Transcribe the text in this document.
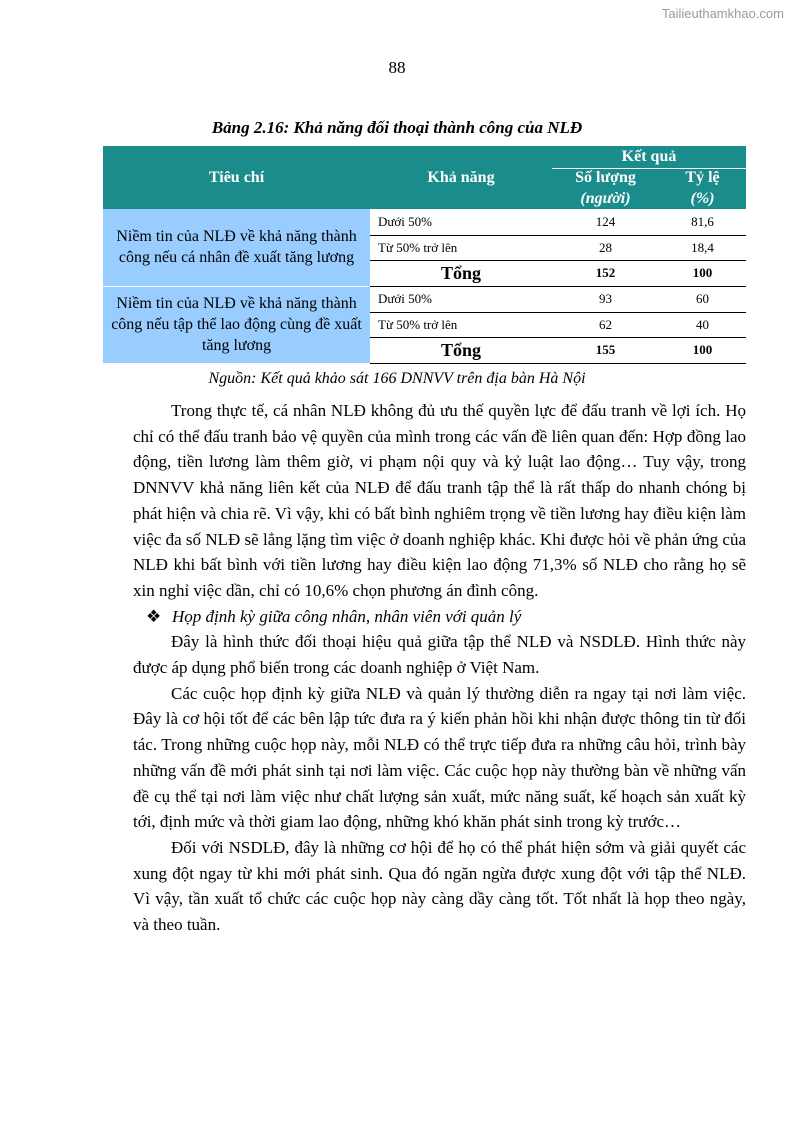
Tailieuthamkhao.com
88
Bảng 2.16: Khả năng đối thoại thành công của NLĐ
Tiêu chí	Khả năng	Kết quả	
		Số lượng	Tỷ lệ
		(người)	(%)
Niềm tin của NLĐ về khả năng thành công nếu cá nhân đề xuất tăng lương	Dưới 50%	124	81,6
	Từ 50% trở lên	28	18,4
	Tổng	152	100
Niềm tin của NLĐ về khả năng thành công nếu tập thể lao động cùng đề xuất tăng lương	Dưới 50%	93	60
	Từ 50% trở lên	62	40
	Tổng	155	100
Nguồn: Kết quả khảo sát 166 DNNVV trên địa bàn Hà Nội

Trong thực tế, cá nhân NLĐ không đủ ưu thế quyền lực để đấu tranh về lợi ích. Họ chỉ có thể đấu tranh bảo vệ quyền của mình trong các vấn đề liên quan đến: Hợp đồng lao động, tiền lương làm thêm giờ, vi phạm nội quy và kỷ luật lao động… Tuy vậy, trong DNNVV khả năng liên kết của NLĐ để đấu tranh tập thể là rất thấp do nhanh chóng bị phát hiện và chia rẽ. Vì vậy, khi có bất bình nghiêm trọng về tiền lương hay điều kiện làm việc đa số NLĐ sẽ lẳng lặng tìm việc ở doanh nghiệp khác. Khi được hỏi về phản ứng của NLĐ khi bất bình với tiền lương hay điều kiện lao động 71,3% số NLĐ cho rằng họ sẽ xin nghỉ việc dần, chỉ có 10,6% chọn phương án đình công.

❖ Họp định kỳ giữa công nhân, nhân viên với quản lý

Đây là hình thức đối thoại hiệu quả giữa tập thể NLĐ và NSDLĐ. Hình thức này được áp dụng phổ biến trong các doanh nghiệp ở Việt Nam.

Các cuộc họp định kỳ giữa NLĐ và quản lý thường diễn ra ngay tại nơi làm việc. Đây là cơ hội tốt để các bên lập tức đưa ra ý kiến phản hồi khi nhận được thông tin từ đối tác. Trong những cuộc họp này, mỗi NLĐ có thể trực tiếp đưa ra những câu hỏi, trình bày những vấn đề mới phát sinh tại nơi làm việc. Các cuộc họp này thường bàn về những vấn đề cụ thể tại nơi làm việc như chất lượng sản xuất, mức năng suất, kế hoạch sản xuất kỳ tới, định mức và thời giam lao động, những khó khăn phát sinh trong kỳ trước…

Đối với NSDLĐ, đây là những cơ hội để họ có thể phát hiện sớm và giải quyết các xung đột ngay từ khi mới phát sinh. Qua đó ngăn ngừa được xung đột với tập thể NLĐ. Vì vậy, tần xuất tổ chức các cuộc họp này càng dầy càng tốt. Tốt nhất là họp theo ngày, và theo tuần.
